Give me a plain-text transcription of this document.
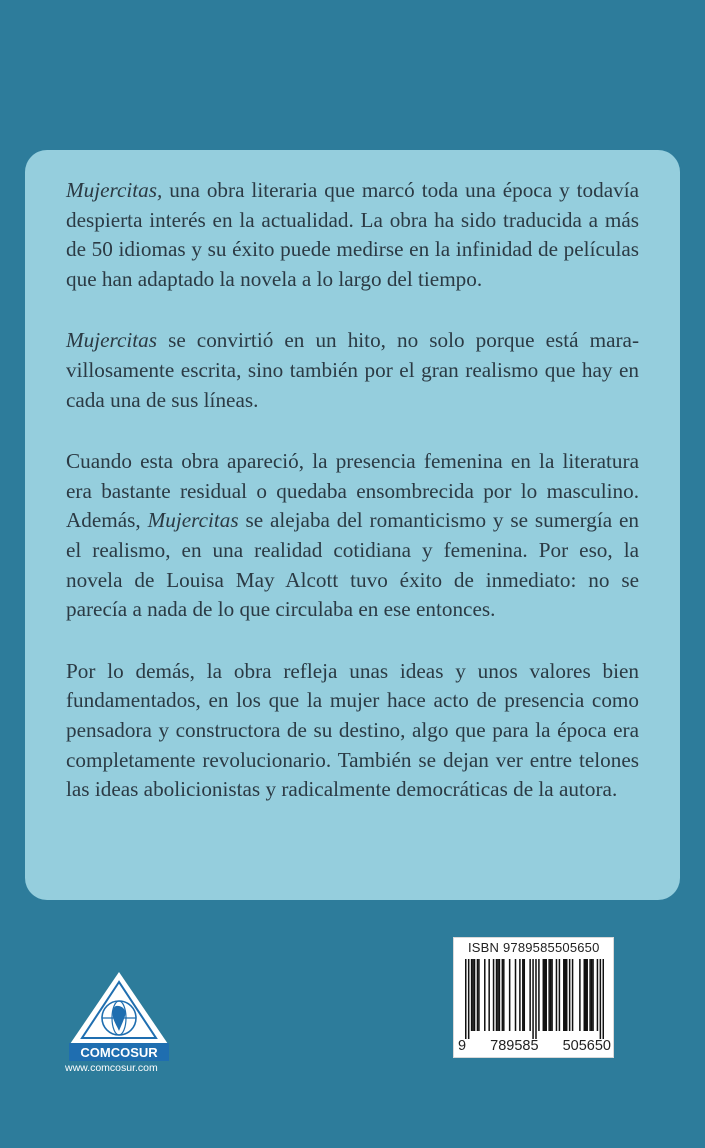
Mujercitas, una obra literaria que marcó toda una época y todavía despierta interés en la actualidad. La obra ha sido traducida a más de 50 idiomas y su éxito puede medirse en la infinidad de películas que han adaptado la novela a lo largo del tiempo.

Mujercitas se convirtió en un hito, no solo porque está maravillosamente escrita, sino también por el gran realismo que hay en cada una de sus líneas.

Cuando esta obra apareció, la presencia femenina en la literatura era bastante residual o quedaba ensombrecida por lo masculino. Además, Mujercitas se alejaba del romanticismo y se sumergía en el realismo, en una realidad cotidiana y femenina. Por eso, la novela de Louisa May Alcott tuvo éxito de inmediato: no se parecía a nada de lo que circulaba en ese entonces.

Por lo demás, la obra refleja unas ideas y unos valores bien fundamentados, en los que la mujer hace acto de presencia como pensadora y constructora de su destino, algo que para la época era completamente revolucionario. También se dejan ver entre telones las ideas abolicionistas y radicalmente democráticas de la autora.

ISBN 9789585505650
9 789585 505650
COMCOSUR
www.comcosur.com
